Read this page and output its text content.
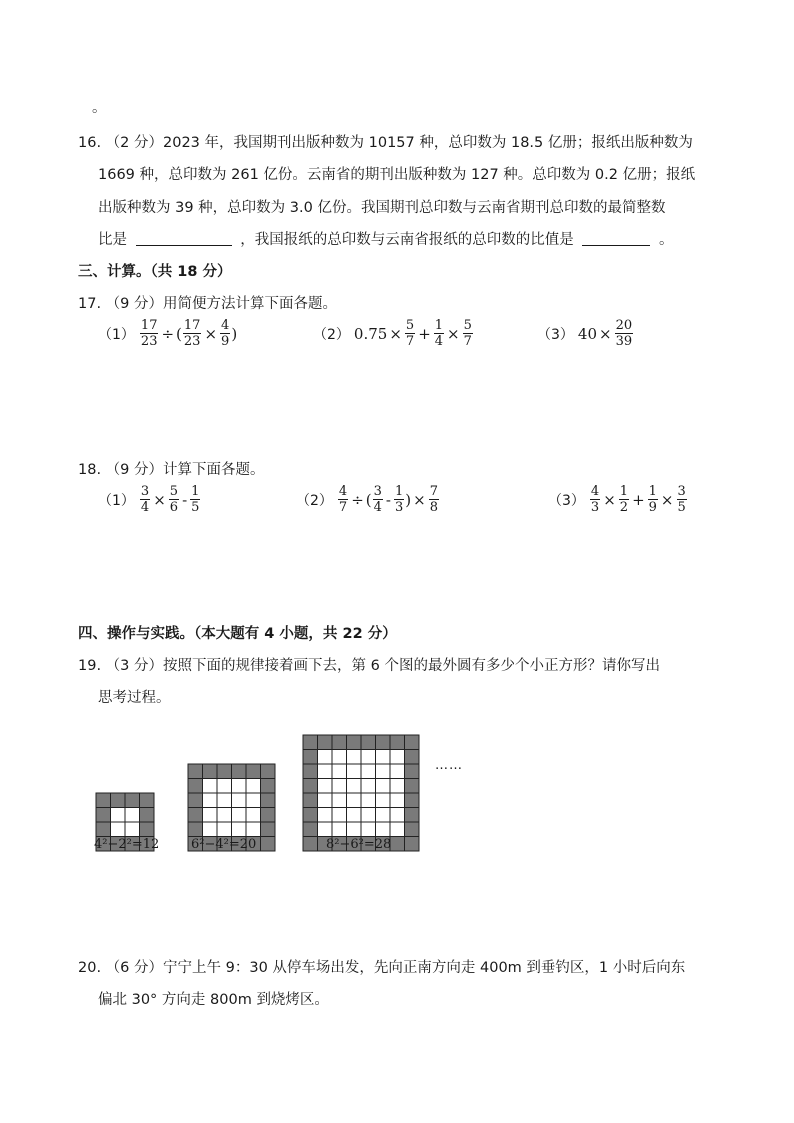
。
16. （2 分）2023 年，我国期刊出版种数为 10157 种，总印数为 18.5 亿册；报纸出版种数为
1669 种，总印数为 261 亿份。云南省的期刊出版种数为 127 种。总印数为 0.2 亿册；报纸
出版种数为 39 种，总印数为 3.0 亿份。我国期刊总印数与云南省期刊总印数的最简整数
比是	，我国报纸的总印数与云南省报纸的总印数的比值是	。
三、计算。（共 18 分）
17. （9 分）用简便方法计算下面各题。
$(1) \frac{17}{23}$ ÷ ( $\frac{17}{23} \times \frac{4}{9}$ )	（2） $0.75 \times \frac{5}{7} + \frac{1}{4} \times \frac{5}{7}$	（3） $40 \times \frac{20}{39}$
18. （9 分）计算下面各题。
$(1) \frac{3}{4} \times \frac{5}{6} - \frac{1}{5}$	$(2) \frac{4}{7}$ ÷ ( $\frac{3}{4} - \frac{1}{3}$ ) × $\frac{7}{8}$	$(3) \frac{4}{3} \times \frac{1}{2} + \frac{1}{9} \times \frac{3}{5}$
四、操作与实践。（本大题有 4 小题，共 22 分）
19. （3 分）按照下面的规律接着画下去，第 6 个图的最外圆有多少个小正方形？请你写出
思考过程。
……
4²−2²=12 6²−4²=20	8²−6²=28
20. （6 分）宁宁上午 9：30 从停车场出发，先向正南方向走 400m 到垂钓区，1 小时后向东
偏北 30° 方向走 800m 到烧烤区。
